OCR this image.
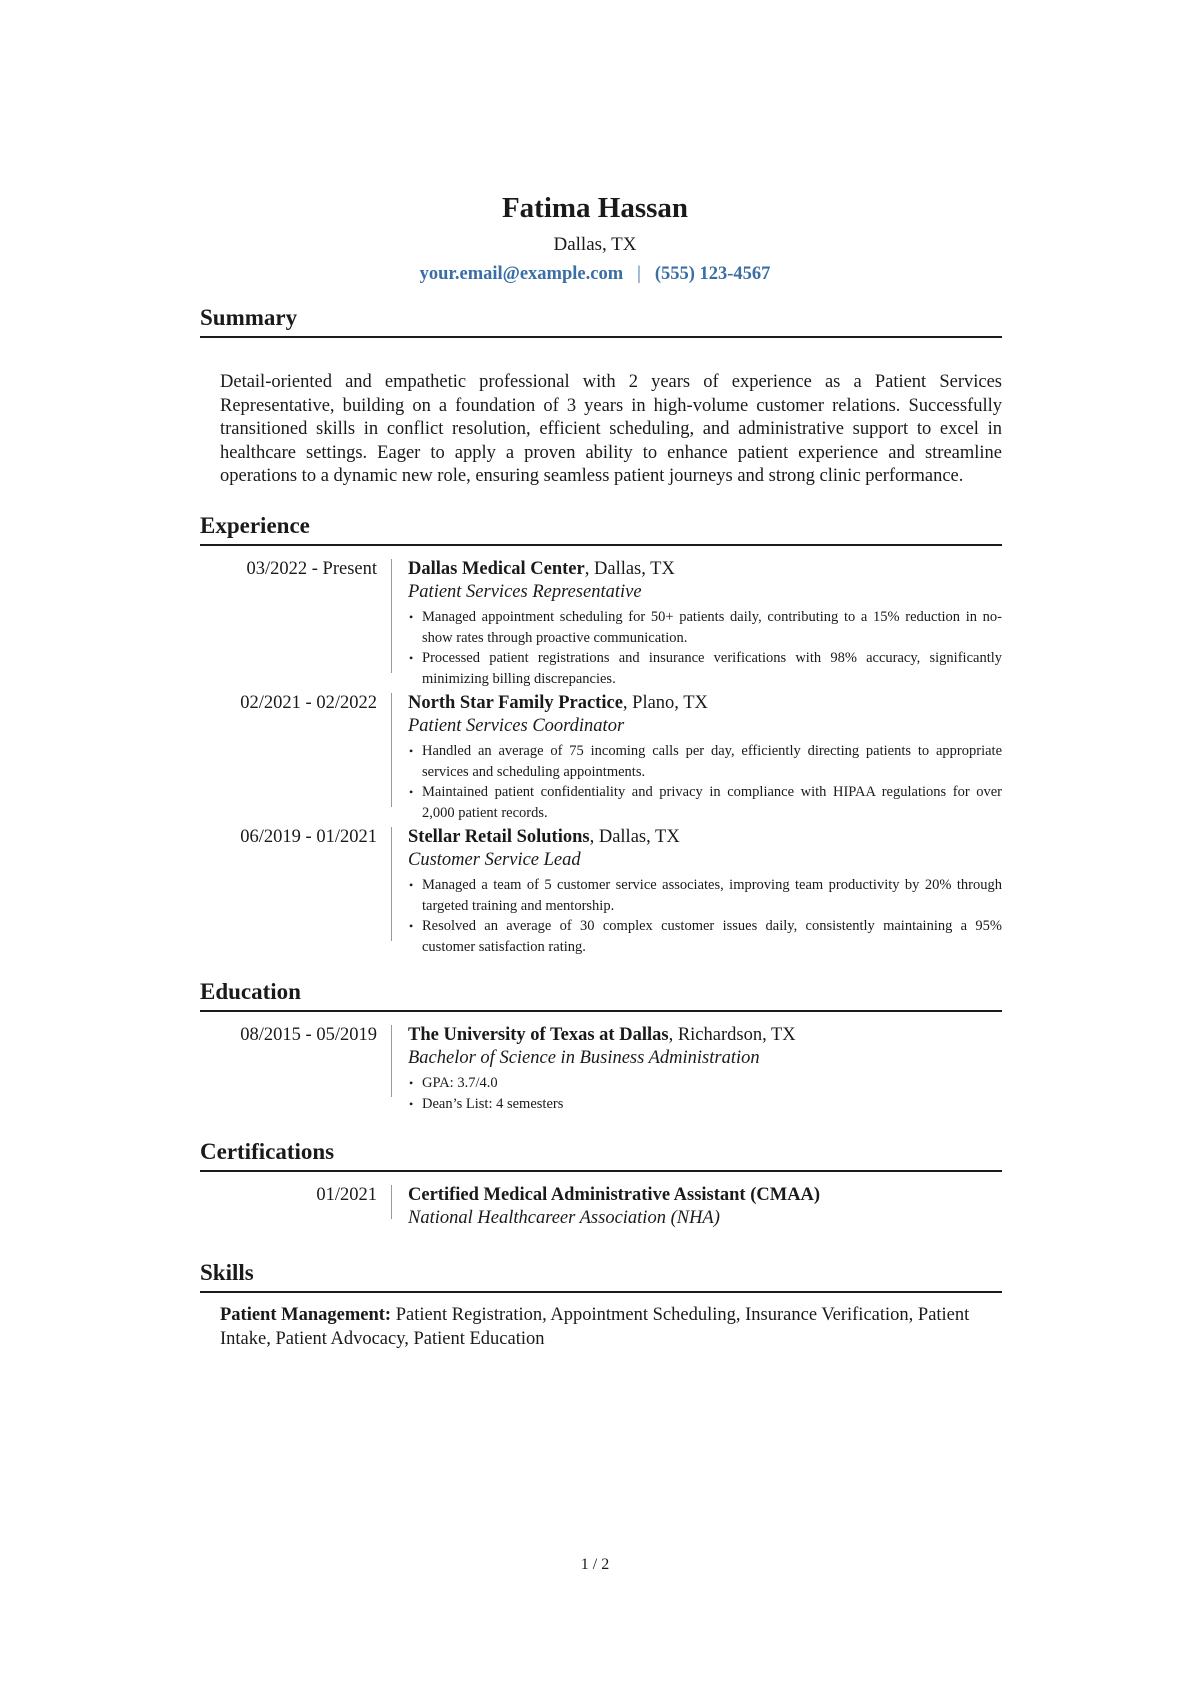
Fatima Hassan
Dallas, TX
your.email@example.com | (555) 123-4567
Summary
Detail-oriented and empathetic professional with 2 years of experience as a Patient Services Representative, building on a foundation of 3 years in high-volume customer relations. Successfully transitioned skills in conflict resolution, efficient scheduling, and administrative support to excel in healthcare settings. Eager to apply a proven ability to enhance patient experience and streamline operations to a dynamic new role, ensuring seamless patient journeys and strong clinic performance.
Experience
03/2022 - Present Dallas Medical Center, Dallas, TX
Patient Services Representative
• Managed appointment scheduling for 50+ patients daily, contributing to a 15% reduction in no-show rates through proactive communication.
• Processed patient registrations and insurance verifications with 98% accuracy, significantly minimizing billing discrepancies.
02/2021 - 02/2022 North Star Family Practice, Plano, TX
Patient Services Coordinator
• Handled an average of 75 incoming calls per day, efficiently directing patients to appropriate services and scheduling appointments.
• Maintained patient confidentiality and privacy in compliance with HIPAA regulations for over 2,000 patient records.
06/2019 - 01/2021 Stellar Retail Solutions, Dallas, TX
Customer Service Lead
• Managed a team of 5 customer service associates, improving team productivity by 20% through targeted training and mentorship.
• Resolved an average of 30 complex customer issues daily, consistently maintaining a 95% customer satisfaction rating.
Education
08/2015 - 05/2019 The University of Texas at Dallas, Richardson, TX
Bachelor of Science in Business Administration
• GPA: 3.7/4.0
• Dean’s List: 4 semesters
Certifications
01/2021 Certified Medical Administrative Assistant (CMAA)
National Healthcareer Association (NHA)
Skills
Patient Management: Patient Registration, Appointment Scheduling, Insurance Verification, Patient Intake, Patient Advocacy, Patient Education
1 / 2
